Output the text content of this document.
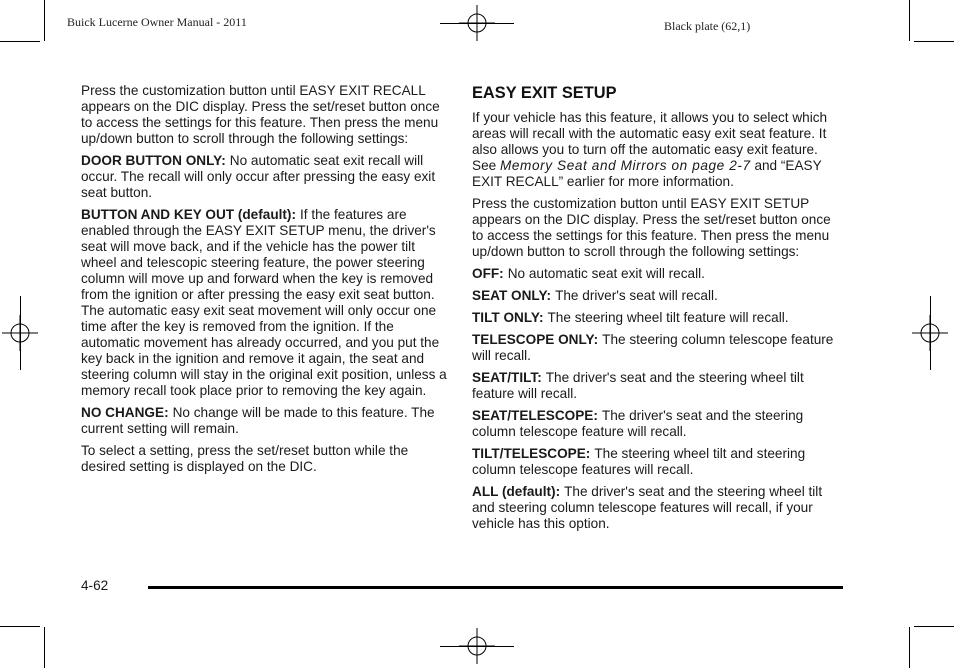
Buick Lucerne Owner Manual - 2011	Black plate (62,1)

Press the customization button until EASY EXIT RECALL appears on the DIC display. Press the set/reset button once to access the settings for this feature. Then press the menu up/down button to scroll through the following settings:

DOOR BUTTON ONLY: No automatic seat exit recall will occur. The recall will only occur after pressing the easy exit seat button.

BUTTON AND KEY OUT (default): If the features are enabled through the EASY EXIT SETUP menu, the driver's seat will move back, and if the vehicle has the power tilt wheel and telescopic steering feature, the power steering column will move up and forward when the key is removed from the ignition or after pressing the easy exit seat button. The automatic easy exit seat movement will only occur one time after the key is removed from the ignition. If the automatic movement has already occurred, and you put the key back in the ignition and remove it again, the seat and steering column will stay in the original exit position, unless a memory recall took place prior to removing the key again.

NO CHANGE: No change will be made to this feature. The current setting will remain.

To select a setting, press the set/reset button while the desired setting is displayed on the DIC.

EASY EXIT SETUP

If your vehicle has this feature, it allows you to select which areas will recall with the automatic easy exit seat feature. It also allows you to turn off the automatic easy exit feature. See Memory Seat and Mirrors on page 2‑7 and “EASY EXIT RECALL” earlier for more information.

Press the customization button until EASY EXIT SETUP appears on the DIC display. Press the set/reset button once to access the settings for this feature. Then press the menu up/down button to scroll through the following settings:

OFF: No automatic seat exit will recall.

SEAT ONLY: The driver's seat will recall.

TILT ONLY: The steering wheel tilt feature will recall.

TELESCOPE ONLY: The steering column telescope feature will recall.

SEAT/TILT: The driver's seat and the steering wheel tilt feature will recall.

SEAT/TELESCOPE: The driver's seat and the steering column telescope feature will recall.

TILT/TELESCOPE: The steering wheel tilt and steering column telescope features will recall.

ALL (default): The driver's seat and the steering wheel tilt and steering column telescope features will recall, if your vehicle has this option.

4-62
